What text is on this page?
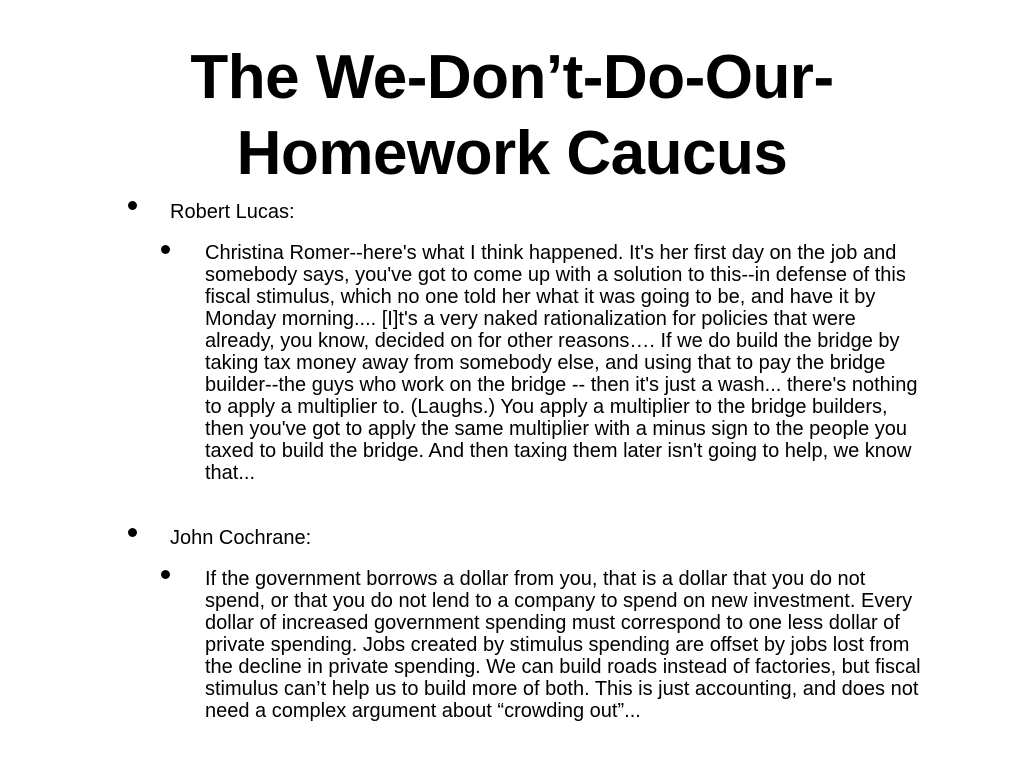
The We-Don’t-Do-Our-
Homework Caucus
Robert Lucas:

Christina Romer--here's what I think happened. It's her first day on the job and somebody says, you've got to come up with a solution to this--in defense of this fiscal stimulus, which no one told her what it was going to be, and have it by Monday morning.... [I]t's a very naked rationalization for policies that were already, you know, decided on for other reasons…. If we do build the bridge by taking tax money away from somebody else, and using that to pay the bridge builder--the guys who work on the bridge -- then it's just a wash... there's nothing to apply a multiplier to. (Laughs.) You apply a multiplier to the bridge builders, then you've got to apply the same multiplier with a minus sign to the people you taxed to build the bridge. And then taxing them later isn't going to help, we know that...

John Cochrane:

If the government borrows a dollar from you, that is a dollar that you do not spend, or that you do not lend to a company to spend on new investment. Every dollar of increased government spending must correspond to one less dollar of private spending. Jobs created by stimulus spending are offset by jobs lost from the decline in private spending. We can build roads instead of factories, but fiscal stimulus can’t help us to build more of both. This is just accounting, and does not need a complex argument about “crowding out”...
